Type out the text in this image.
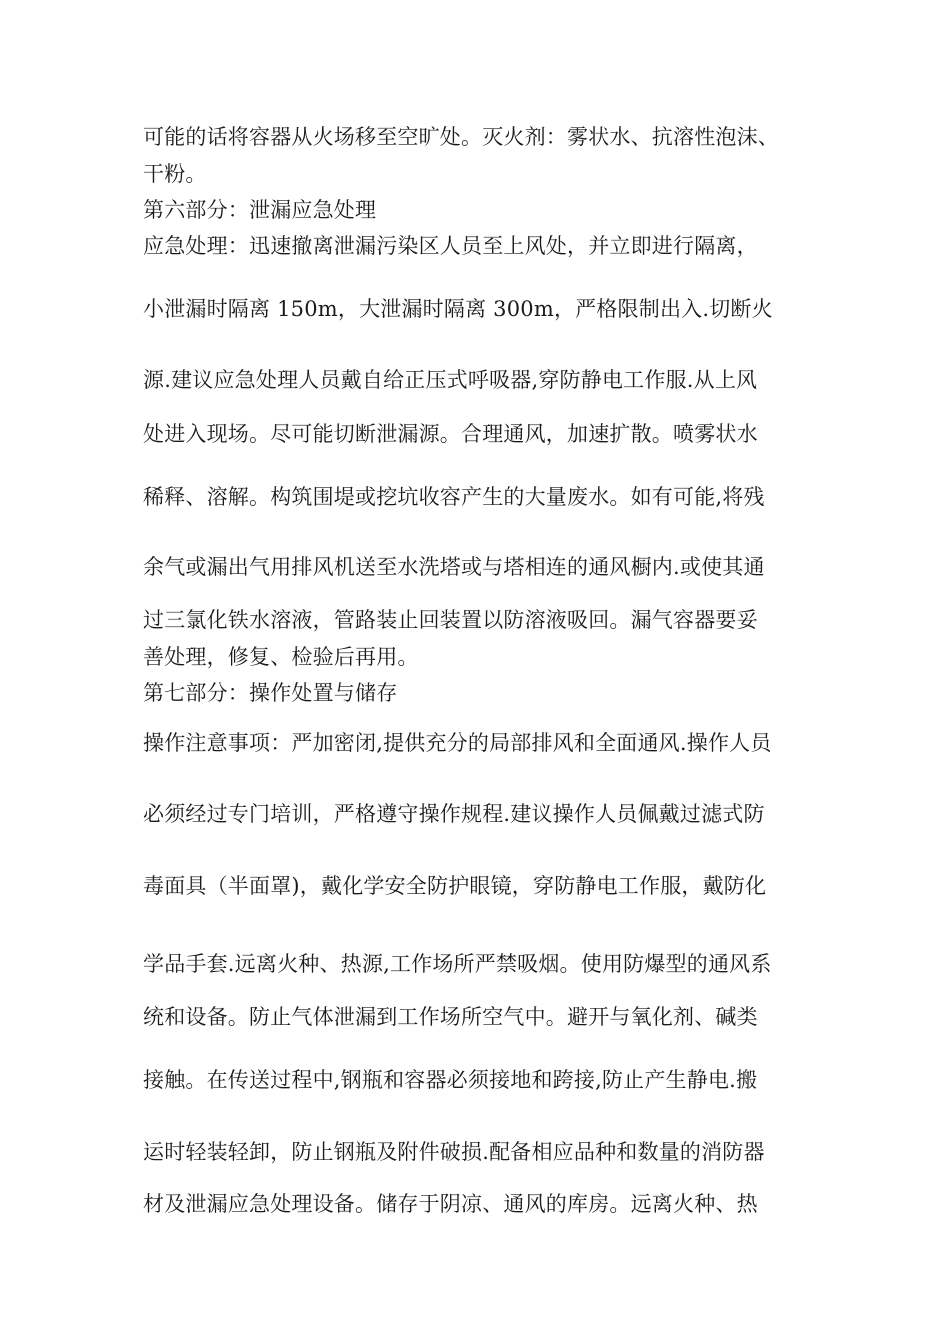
可能的话将容器从火场移至空旷处。灭火剂：雾状水、抗溶性泡沫、
干粉。
第六部分：泄漏应急处理
应急处理：迅速撤离泄漏污染区人员至上风处，并立即进行隔离，
小泄漏时隔离 150m，大泄漏时隔离 300m，严格限制出入.切断火
源.建议应急处理人员戴自给正压式呼吸器,穿防静电工作服.从上风
处进入现场。尽可能切断泄漏源。合理通风，加速扩散。喷雾状水
稀释、溶解。构筑围堤或挖坑收容产生的大量废水。如有可能,将残
余气或漏出气用排风机送至水洗塔或与塔相连的通风橱内.或使其通
过三氯化铁水溶液，管路装止回装置以防溶液吸回。漏气容器要妥
善处理，修复、检验后再用。
第七部分：操作处置与储存
操作注意事项：严加密闭,提供充分的局部排风和全面通风.操作人员
必须经过专门培训，严格遵守操作规程.建议操作人员佩戴过滤式防
毒面具（半面罩)，戴化学安全防护眼镜，穿防静电工作服，戴防化
学品手套.远离火种、热源,工作场所严禁吸烟。使用防爆型的通风系
统和设备。防止气体泄漏到工作场所空气中。避开与氧化剂、碱类
接触。在传送过程中,钢瓶和容器必须接地和跨接,防止产生静电.搬
运时轻装轻卸，防止钢瓶及附件破损.配备相应品种和数量的消防器
材及泄漏应急处理设备。储存于阴凉、通风的库房。远离火种、热
